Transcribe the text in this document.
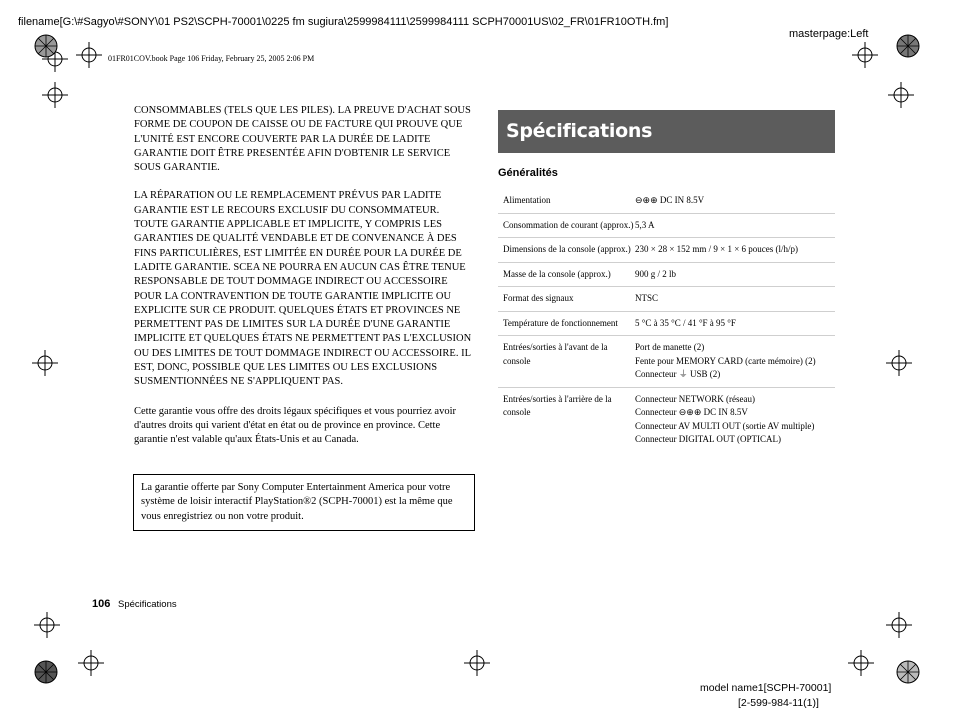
filename[G:\#Sagyo\#SONY\01 PS2\SCPH-70001\0225 fm sugiura\2599984111\2599984111 SCPH70001US\02_FR\01FR10OTH.fm]
masterpage:Left
01FR01COV.book Page 106 Friday, February 25, 2005 2:06 PM

CONSOMMABLES (TELS QUE LES PILES). LA PREUVE D'ACHAT SOUS FORME DE COUPON DE CAISSE OU DE FACTURE QUI PROUVE QUE L'UNITÉ EST ENCORE COUVERTE PAR LA DURÉE DE LADITE GARANTIE DOIT ÊTRE PRESENTÉE AFIN D'OBTENIR LE SERVICE SOUS GARANTIE.

LA RÉPARATION OU LE REMPLACEMENT PRÉVUS PAR LADITE GARANTIE EST LE RECOURS EXCLUSIF DU CONSOMMATEUR. TOUTE GARANTIE APPLICABLE ET IMPLICITE, Y COMPRIS LES GARANTIES DE QUALITÉ VENDABLE ET DE CONVENANCE À DES FINS PARTICULIÈRES, EST LIMITÉE EN DURÉE POUR LA DURÉE DE LADITE GARANTIE. SCEA NE POURRA EN AUCUN CAS ÊTRE TENUE RESPONSABLE DE TOUT DOMMAGE INDIRECT OU ACCESSOIRE POUR LA CONTRAVENTION DE TOUTE GARANTIE IMPLICITE OU EXPLICITE SUR CE PRODUIT. QUELQUES ÉTATS ET PROVINCES NE PERMETTENT PAS DE LIMITES SUR LA DURÉE D'UNE GARANTIE IMPLICITE ET QUELQUES ÉTATS NE PERMETTENT PAS L'EXCLUSION OU DES LIMITES DE TOUT DOMMAGE INDIRECT OU ACCESSOIRE. IL EST, DONC, POSSIBLE QUE LES LIMITES OU LES EXCLUSIONS SUSMENTIONNÉES NE S'APPLIQUENT PAS.

Cette garantie vous offre des droits légaux spécifiques et vous pourriez avoir d'autres droits qui varient d'état en état ou de province en province. Cette garantie n'est valable qu'aux États-Unis et au Canada.

La garantie offerte par Sony Computer Entertainment America pour votre système de loisir interactif PlayStation®2 (SCPH-70001) est la même que vous enregistriez ou non votre produit.
Spécifications
Généralités
Alimentation	⊖⊕⊕ DC IN 8.5V
Consommation de courant (approx.) 5,3 A
Dimensions de la console (approx.) 230 × 28 × 152 mm / 9 × 1 × 6 pouces (l/h/p)
Masse de la console (approx.)	900 g / 2 lb
Format des signaux	NTSC
Température de fonctionnement	5 °C à 35 °C / 41 °F à 95 °F
Entrées/sorties à l'avant de la console
Port de manette (2)
Fente pour MEMORY CARD (carte mémoire) (2)
Connecteur ⏚ USB (2)
Entrées/sorties à l'arrière de la console
Connecteur NETWORK (réseau)
Connecteur ⊖⊕⊕ DC IN 8.5V
Connecteur AV MULTI OUT (sortie AV multiple)
Connecteur DIGITAL OUT (OPTICAL)
106 Spécifications
model name1[SCPH-70001]
[2-599-984-11(1)]
